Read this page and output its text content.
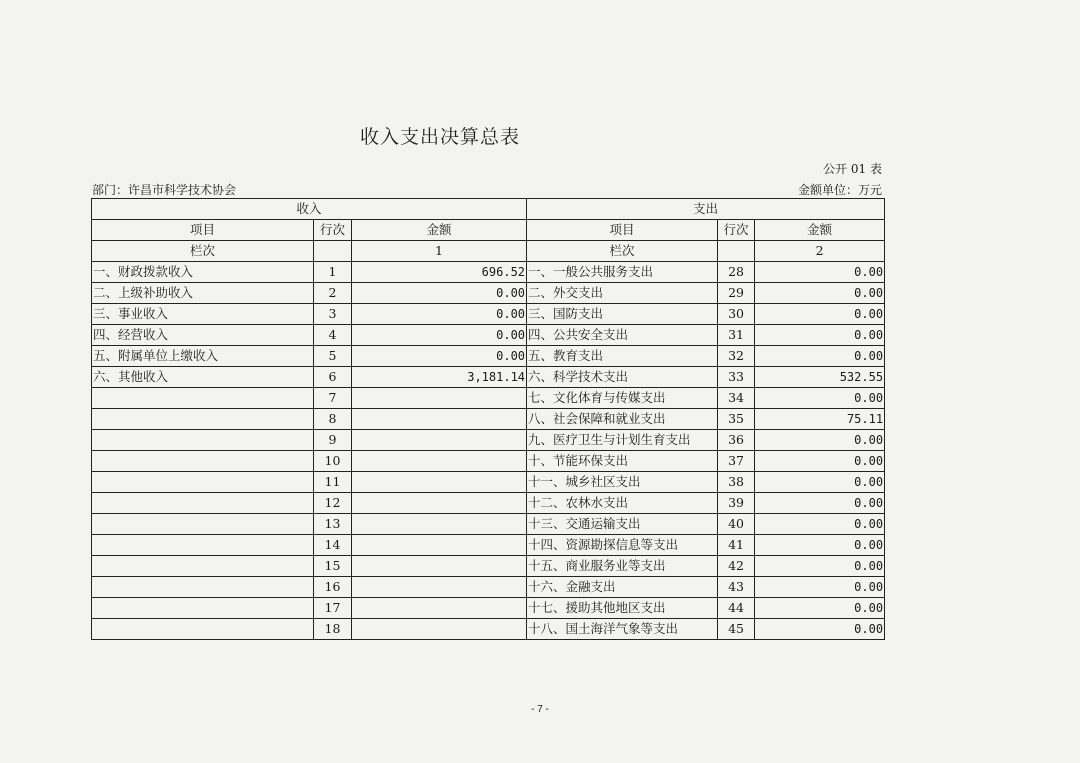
收入支出决算总表
公开 01 表
部门：许昌市科学技术协会	金额单位：万元
收入			支出		
项目	行次	金额	项目	行次	金额
栏次		1	栏次		2
一、财政拨款收入	1	696.52	一、一般公共服务支出	28	0.00
二、上级补助收入	2	0.00	二、外交支出	29	0.00
三、事业收入	3	0.00	三、国防支出	30	0.00
四、经营收入	4	0.00	四、公共安全支出	31	0.00
五、附属单位上缴收入	5	0.00	五、教育支出	32	0.00
六、其他收入	6	3,181.14	六、科学技术支出	33	532.55
	7		七、文化体育与传媒支出	34	0.00
	8		八、社会保障和就业支出	35	75.11
	9		九、医疗卫生与计划生育支出	36	0.00
	10		十、节能环保支出	37	0.00
	11		十一、城乡社区支出	38	0.00
	12		十二、农林水支出	39	0.00
	13		十三、交通运输支出	40	0.00
	14		十四、资源勘探信息等支出	41	0.00
	15		十五、商业服务业等支出	42	0.00
	16		十六、金融支出	43	0.00
	17		十七、援助其他地区支出	44	0.00
	18		十八、国土海洋气象等支出	45	0.00
- 7 -
